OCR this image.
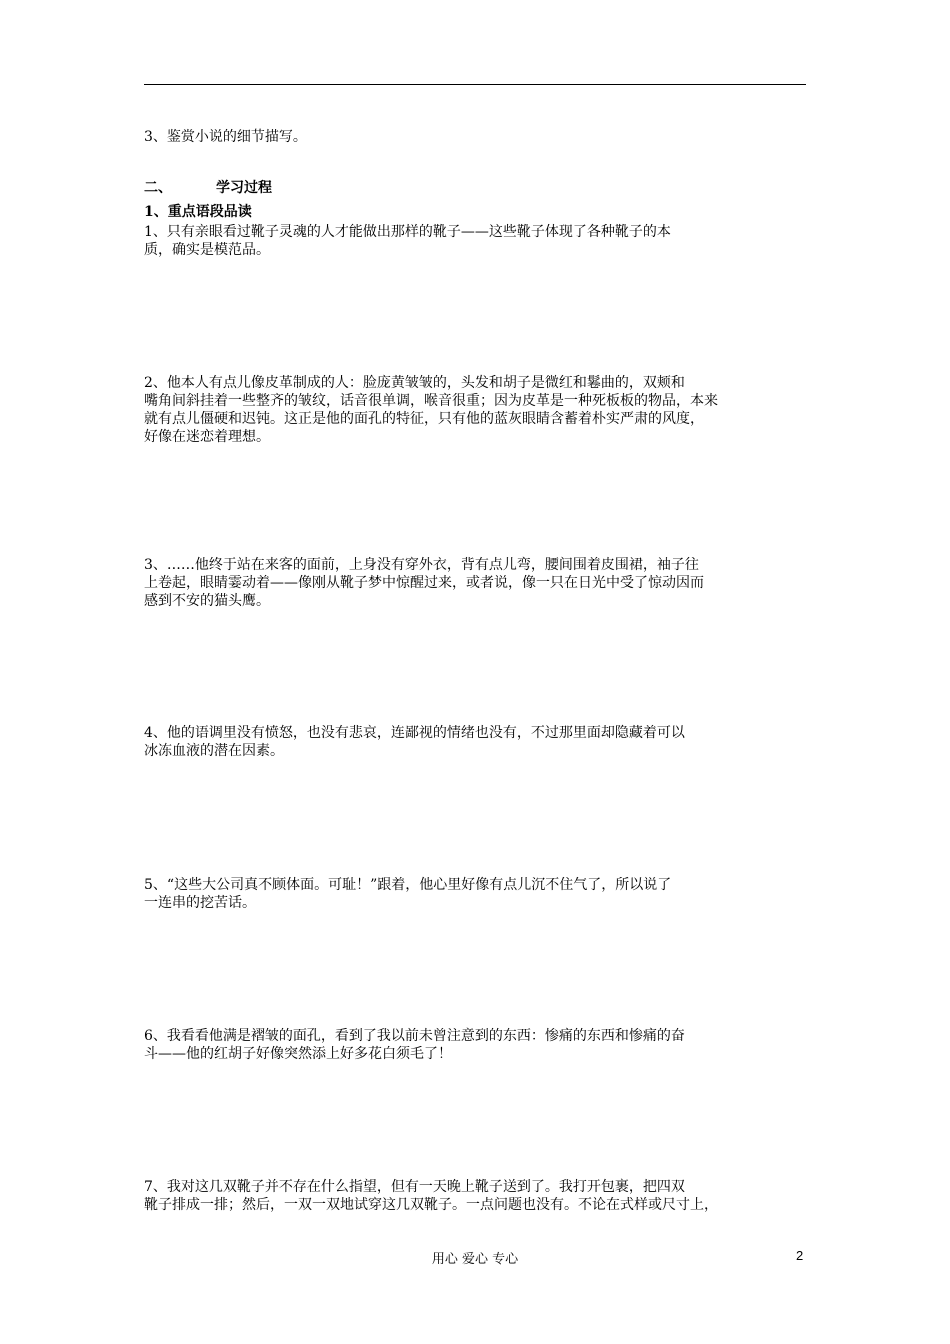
3、鉴赏小说的细节描写。
二、	学习过程
1、重点语段品读
1、只有亲眼看过靴子灵魂的人才能做出那样的靴子——这些靴子体现了各种靴子的本
质，确实是模范品。
2、他本人有点儿像皮革制成的人：脸庞黄皱皱的，头发和胡子是微红和鬈曲的，双颊和
嘴角间斜挂着一些整齐的皱纹，话音很单调，喉音很重；因为皮革是一种死板板的物品，本来
就有点儿僵硬和迟钝。这正是他的面孔的特征，只有他的蓝灰眼睛含蓄着朴实严肃的风度，
好像在迷恋着理想。
3、……他终于站在来客的面前，上身没有穿外衣，背有点儿弯，腰间围着皮围裙，袖子往
上卷起，眼睛霎动着——像刚从靴子梦中惊醒过来，或者说，像一只在日光中受了惊动因而
感到不安的猫头鹰。
4、他的语调里没有愤怒，也没有悲哀，连鄙视的情绪也没有，不过那里面却隐藏着可以
冰冻血液的潜在因素。
5、“这些大公司真不顾体面。可耻！”跟着，他心里好像有点儿沉不住气了，所以说了
一连串的挖苦话。
6、我看看他满是褶皱的面孔，看到了我以前未曾注意到的东西：惨痛的东西和惨痛的奋
斗——他的红胡子好像突然添上好多花白须毛了！
7、我对这几双靴子并不存在什么指望，但有一天晚上靴子送到了。我打开包裹，把四双
靴子排成一排；然后，一双一双地试穿这几双靴子。一点问题也没有。不论在式样或尺寸上，
用心 爱心 专心	2
